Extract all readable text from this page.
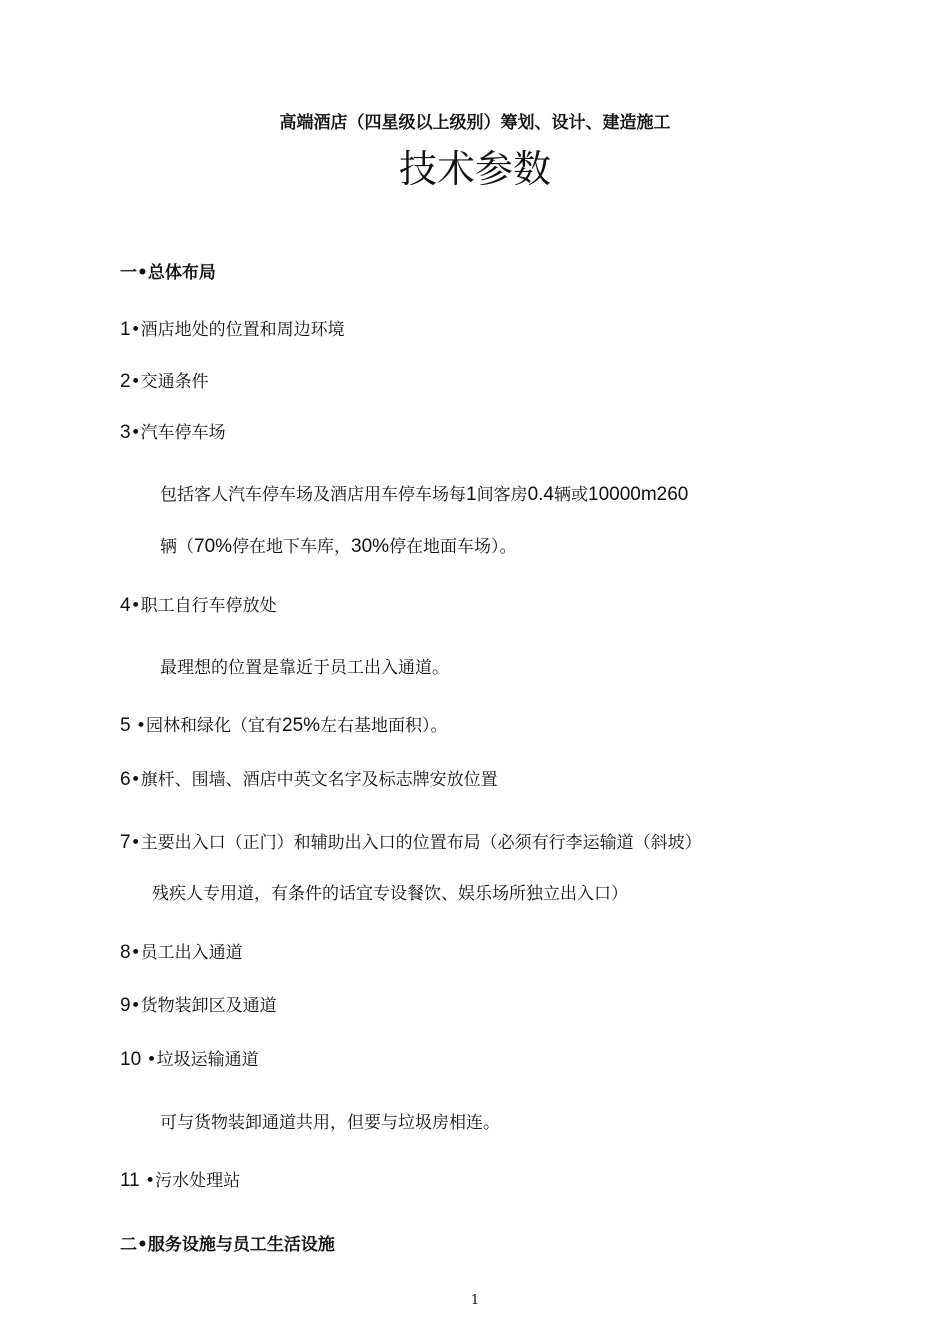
高端酒店（四星级以上级别）筹划、设计、建造施工
技术参数
一•总体布局
1•酒店地处的位置和周边环境
2•交通条件
3•汽车停车场
包括客人汽车停车场及酒店用车停车场每1间客房0.4辆或10000m260
辆（70%停在地下车库，30%停在地面车场）。
4•职工自行车停放处
最理想的位置是靠近于员工出入通道。
5 •园林和绿化（宜有25%左右基地面积）。
6•旗杆、围墙、酒店中英文名字及标志牌安放位置
7•主要出入口（正门）和辅助出入口的位置布局（必须有行李运输道（斜坡）
残疾人专用道，有条件的话宜专设餐饮、娱乐场所独立出入口）
8•员工出入通道
9•货物装卸区及通道
10 •垃圾运输通道
可与货物装卸通道共用，但要与垃圾房相连。
11 •污水处理站
二•服务设施与员工生活设施
1
